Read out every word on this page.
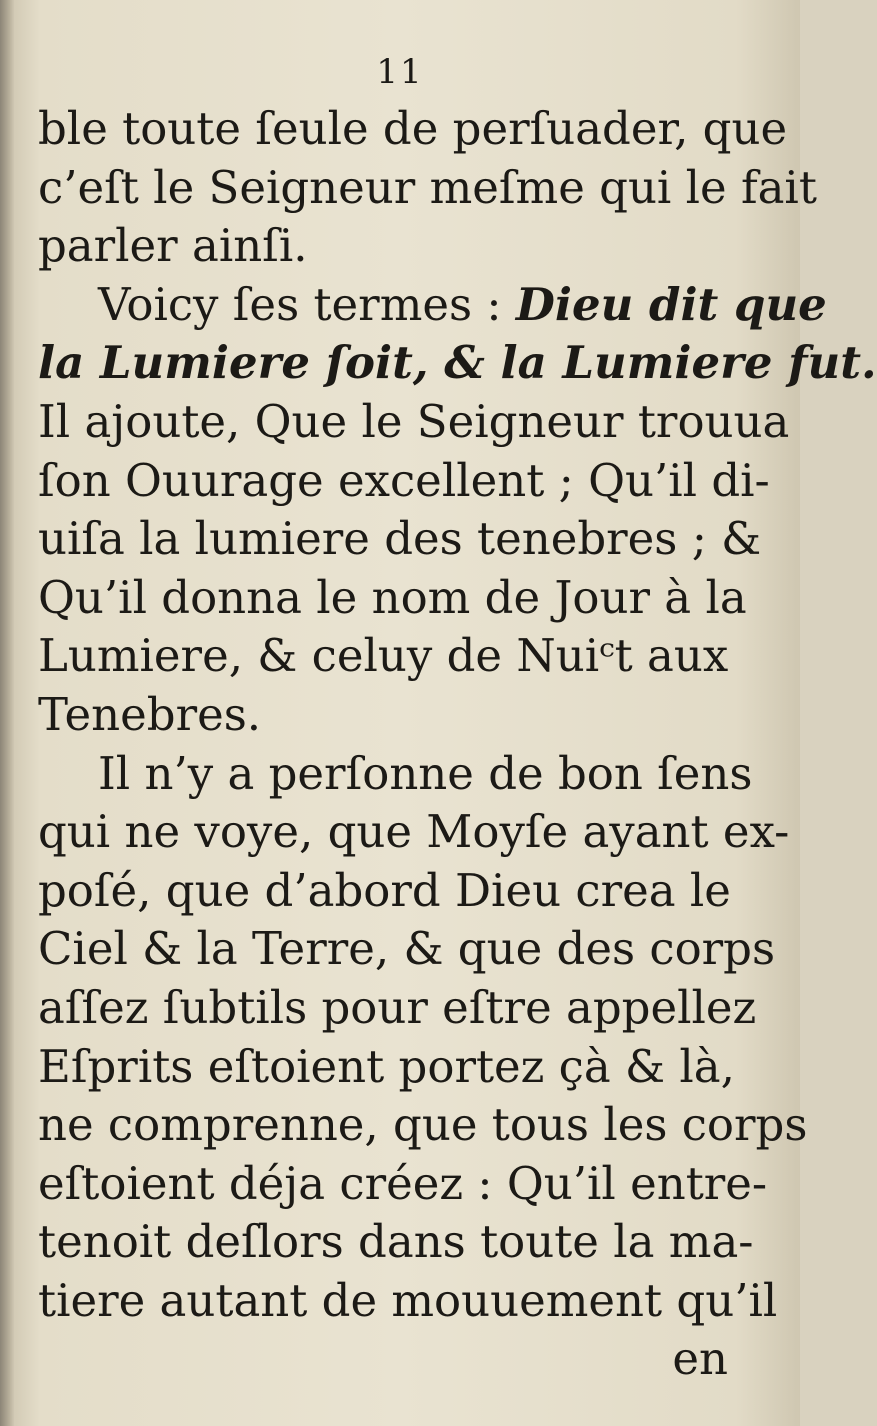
11
ble toute ſeule de perſuader, que
c’eſt le Seigneur meſme qui le fait
parler ainſi.
Voicy ſes termes : Dieu dit que
la Lumiere ſoit, & la Lumiere fut.
Il ajoute, Que le Seigneur trouua
ſon Ouurage excellent ; Qu’il di-
uiſa la lumiere des tenebres ; &
Qu’il donna le nom de Jour à la
Lumiere, & celuy de Nuiᶜt aux
Tenebres.
Il n’y a perſonne de bon ſens
qui ne voye, que Moyſe ayant ex-
poſé, que d’abord Dieu crea le
Ciel & la Terre, & que des corps
aſſez ſubtils pour eſtre appellez
Eſprits eſtoient portez çà & là,
ne comprenne, que tous les corps
eſtoient déja créez : Qu’il entre-
tenoit deſlors dans toute la ma-
tiere autant de mouuement qu’il
en
